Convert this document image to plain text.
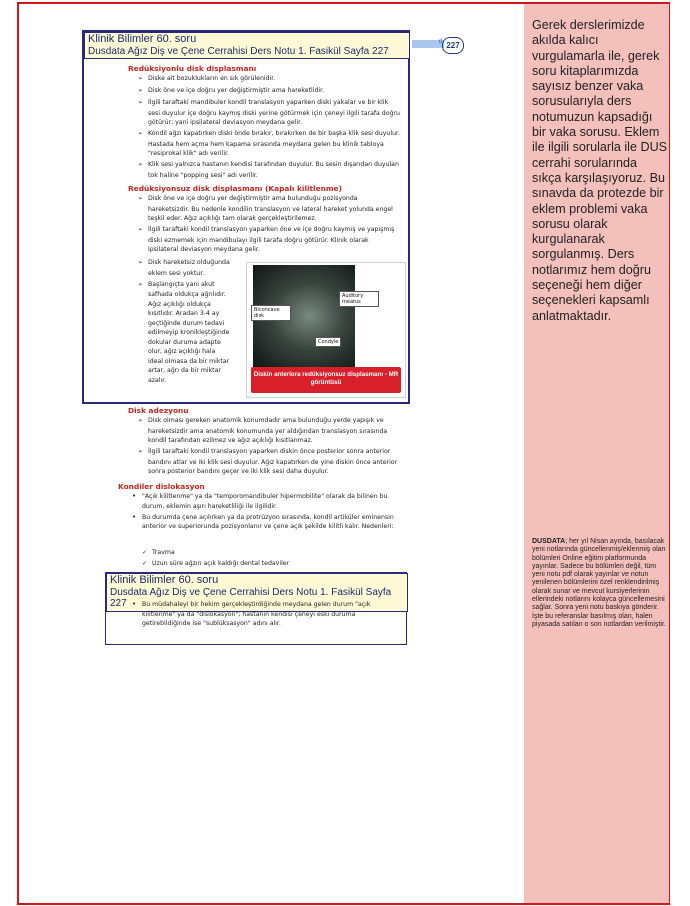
Gerek derslerimizde akılda kalıcı vurgulamarla ile, gerek soru kitaplarımızda sayısız benzer vaka sorusularıyla ders notumuzun kapsadığı bir vaka sorusu. Eklem ile ilgili sorularla ile DUS cerrahi sorularında sıkça karşılaşıyoruz. Bu sınavda da protezde bir eklem problemi vaka sorusu olarak kurgulanarak sorgulanmış. Ders notlarımız hem doğru seçeneği hem diğer seçenekleri kapsamlı anlatmaktadır.
DUSDATA; her yıl Nisan ayında, basılacak yeni notlarında güncellenmiş/eklenmiş olan bölümleri Online eğitim platformunda yayınlar. Sadece bu bölümleri değil, tüm yeni notu pdf olarak yayınlar ve notun yenilenen bölümlerini özel renklendirilmiş olarak sunar ve mevcut kursiyerlerinin ellerindeki notlarını kolayca güncellemesini sağlar. Sonra yeni notu baskıya gönderir. İşte bu referanslar basılmış olan, halen piyasada satılan o son notlardan verilmiştir.
d 227
Klinik Bilimler 60. soru
Dusdata Ağız Diş ve Çene Cerrahisi Ders Notu 1. Fasikül Sayfa 227
Redüksiyonlu disk displasmanı

➢ Diske ait bozuklukların en sık görülenidir.

➢ Disk öne ve içe doğru yer değiştirmiştir ama hareketlidir.

➢ İlgili taraftaki mandibuler kondil translasyon yaparken diski yakalar ve bir klik sesi duyulur içe doğru kaymış diski yerine götürmek için çeneyi ilgili tarafa doğru götürür; yani ipsilateral deviasyon meydana gelir.

➢ Kondil ağzı kapatırken diski önde bırakır, bırakırken de bir başka klik sesi duyulur. Hastada hem açma hem kapama sırasında meydana gelen bu klinik tabloya "resiprokal klik" adı verilir.

➢ Klik sesi yalnızca hastanın kendisi tarafından duyulur. Bu sesin dışarıdan duyulan tok haline "popping sesi" adı verilir.

Redüksiyonsuz disk displasmanı (Kapalı kilitlenme)

➢ Disk öne ve içe doğru yer değiştirmiştir ama bulunduğu pozisyonda hareketsizdir. Bu nedenle kondilin translasyon ve lateral hareket yolunda engel teşkil eder. Ağız açıklığı tam olarak gerçekleştirilemez.

➢ İlgili taraftaki kondil translasyon yaparken öne ve içe doğru kaymış ve yapışmış diski ezmemek için mandibulayı ilgili tarafa doğru götürür. Klinik olarak ipsilateral deviasyon meydana gelir.

➢ Disk hareketsiz olduğunda eklem sesi yoktur.

➢ Başlangıçta yani akut safhada oldukça ağrılıdır. Ağız açıklığı oldukça kısıtlıdır. Aradan 3-4 ay geçtiğinde durum tedavi edilmeyip kronikleştiğinde dokular duruma adapte olur, ağız açıklığı hala ideal olmasa da bir miktar artar, ağrı da bir miktar azalır.

Biconcave disk
Auditory meatus
Condyle
Diskin anterlora redüksiyonsuz displasmanı - MR görüntüsü
Disk adezyonu

➢ Disk olması gereken anatomik konumdadır ama bulunduğu yerde yapışık ve hareketsizdir ama anatomik konumunda yer aldığından translasyon sırasında kondil tarafından ezilmez ve ağız açıklığı kısıtlanmaz.

➢ İlgili taraftaki kondil translasyon yaparken diskin önce posterior sonra anterior bandını atlar ve iki klik sesi duyulur. Ağız kapatırken de yine diskin önce anterior sonra posterior bandını geçer ve iki klik sesi daha duyulur.

Kondiler dislokasyon

• "Açık kilitlenme" ya da "temporomandibuler hipermobilite" olarak da bilinen bu durum, eklemin aşırı hareketliliği ile ilgilidir.

• Bu durumda çene açılırken ya da protrüzyon sırasında, kondil artiküler eminensin anterior ve superiorunda pozisyonlanır ve çene açık şekilde kilitli kalır. Nedenleri:

✓ Travma

✓ Uzun süre ağzın açık kaldığı dental tedaviler

Klinik Bilimler 60. soru
Dusdata Ağız Diş ve Çene Cerrahisi Ders Notu 1. Fasikül Sayfa 227

•	Bu müdahaleyi bir hekim gerçekleştirdiğinde meydana gelen durum "açık kilitlenme" ya da "dislokasyon"; hastanın kendisi çeneyi eski duruma getirebildiğinde ise "sublüksasyon" adını alır.
